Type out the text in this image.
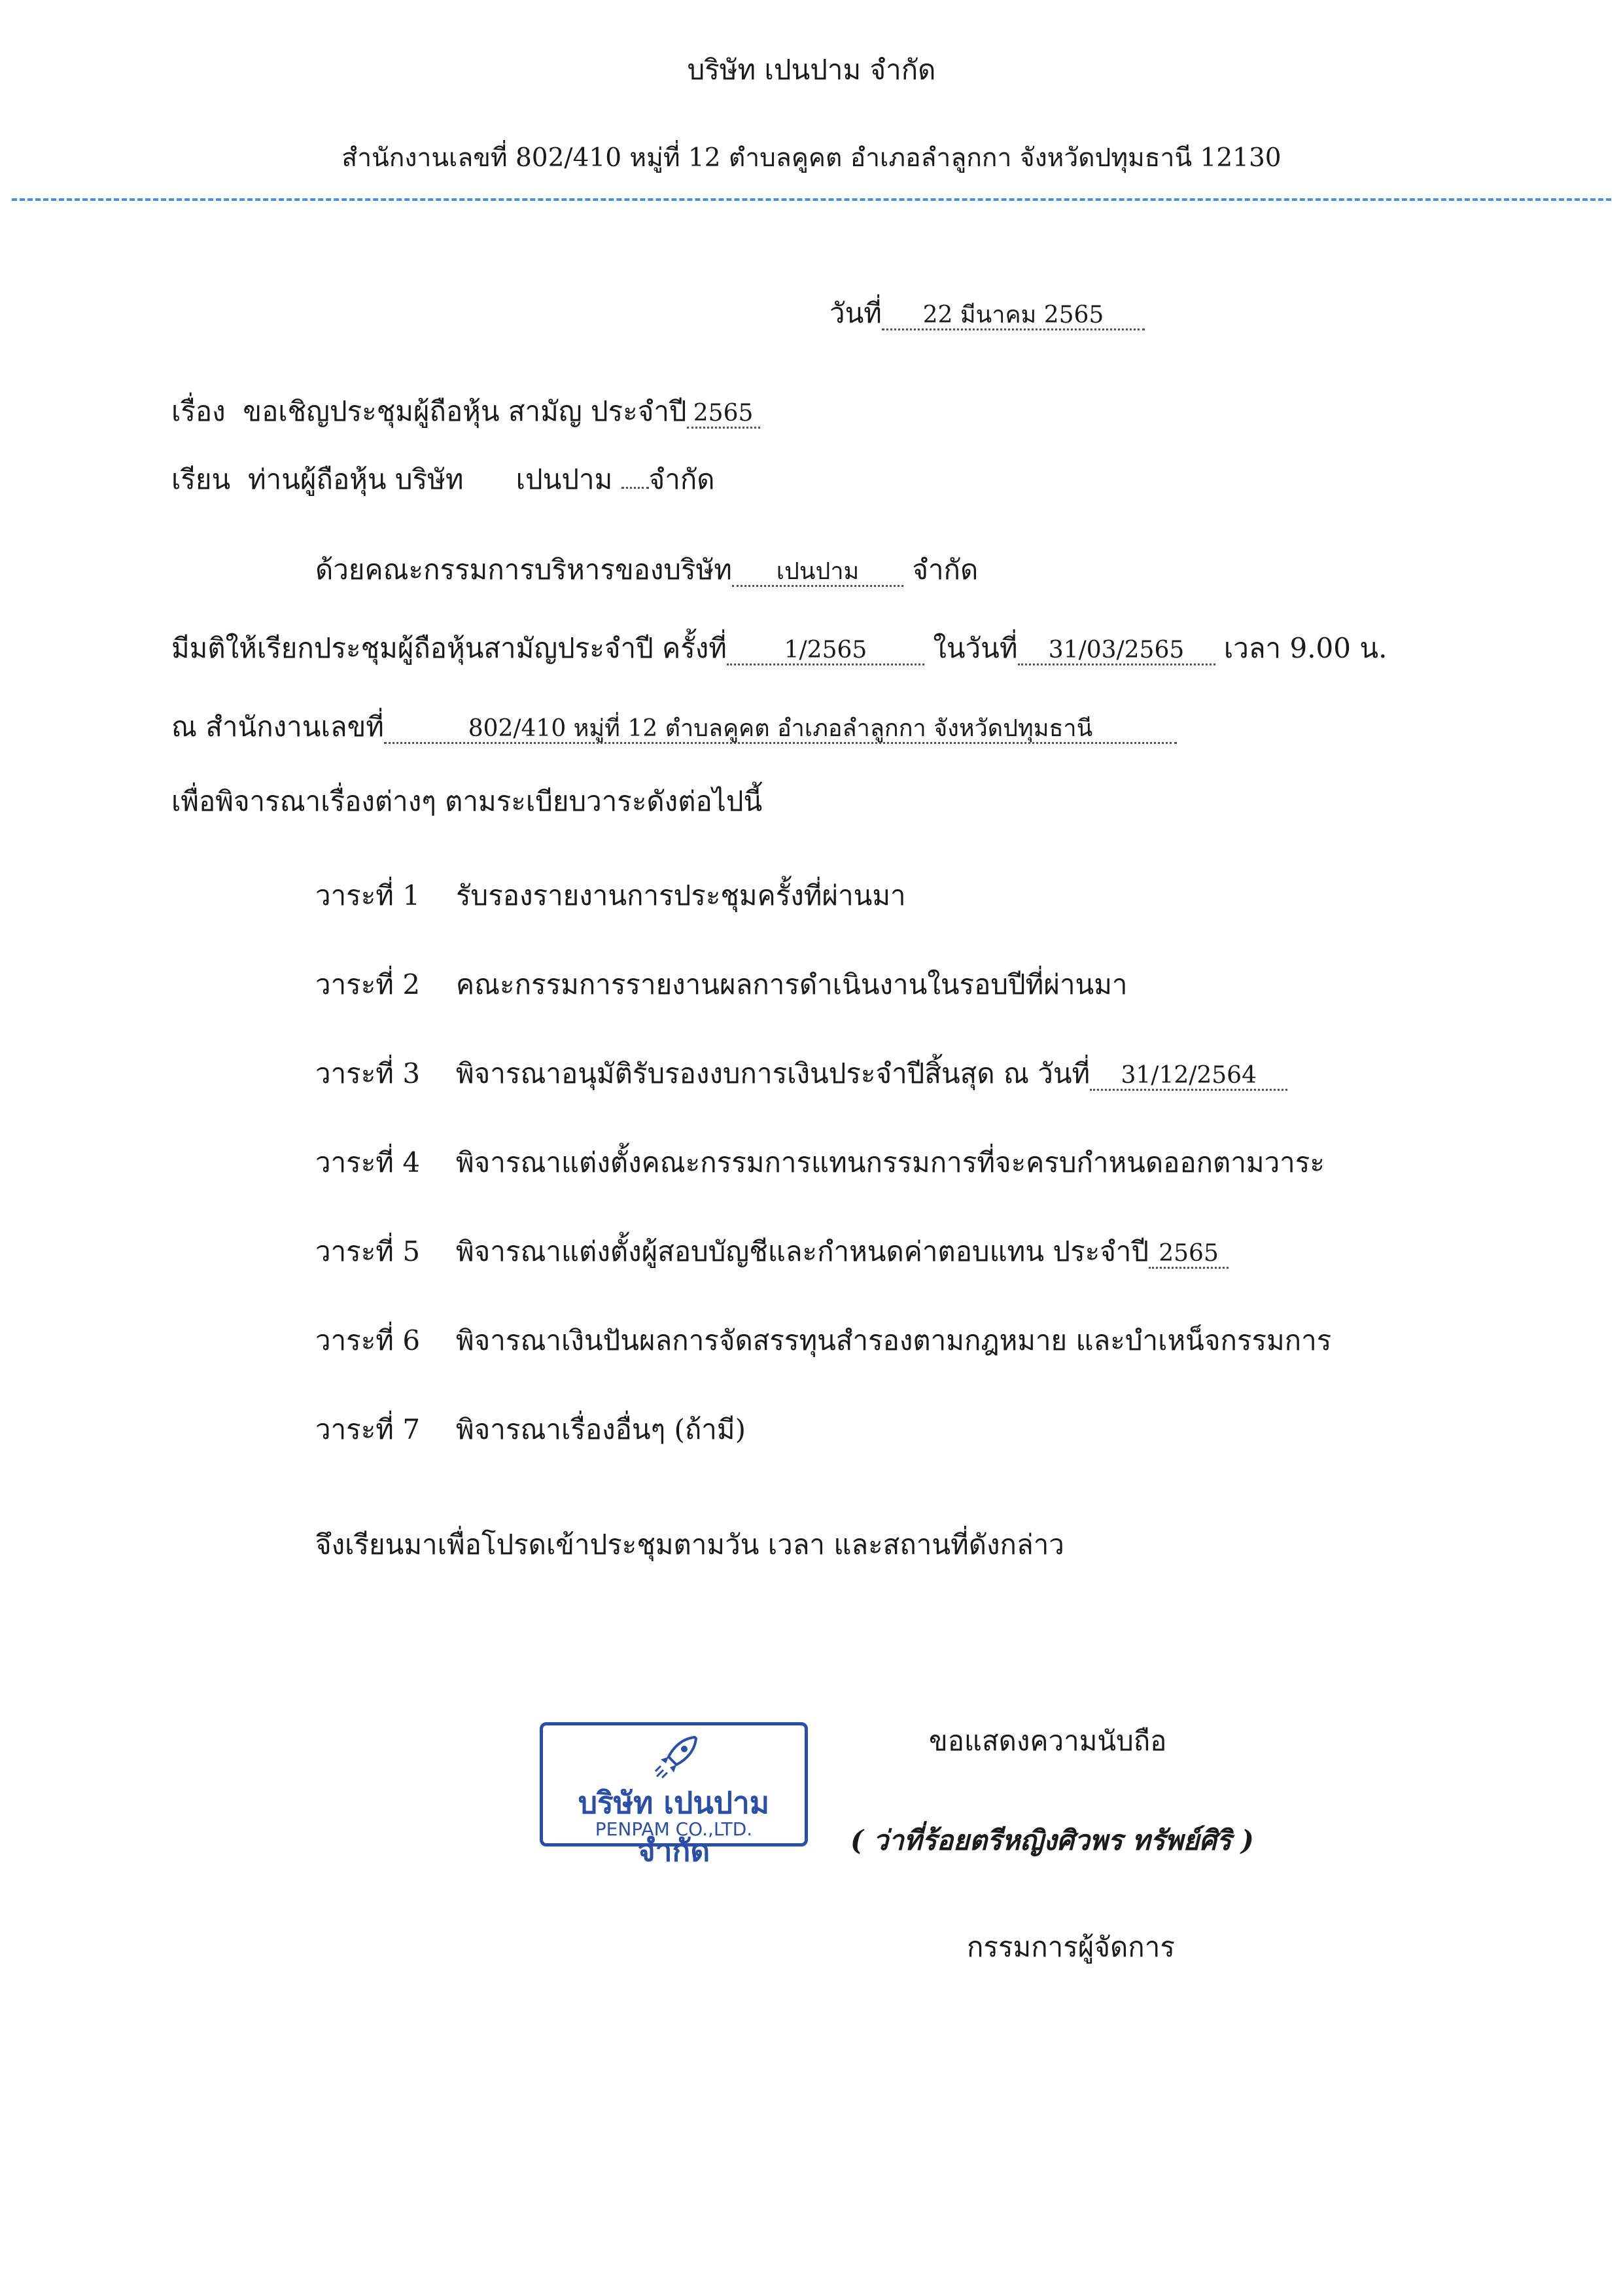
บริษัท เปนปาม จำกัด
สำนักงานเลขที่ 802/410 หมู่ที่ 12 ตำบลคูคต อำเภอลำลูกกา จังหวัดปทุมธานี 12130
วันที่ 22 มีนาคม 2565
เรื่อง ขอเชิญประชุมผู้ถือหุ้น สามัญ ประจำปี 2565
เรียน ท่านผู้ถือหุ้น บริษัท เปนปาม จำกัด
ด้วยคณะกรรมการบริหารของบริษัท เปนปาม จำกัด
มีมติให้เรียกประชุมผู้ถือหุ้นสามัญประจำปี ครั้งที่ 1/2565 ในวันที่ 31/03/2565 เวลา 9.00 น.
ณ สำนักงานเลขที่	802/410 หมู่ที่ 12 ตำบลคูคต อำเภอลำลูกกา จังหวัดปทุมธานี
เพื่อพิจารณาเรื่องต่างๆ ตามระเบียบวาระดังต่อไปนี้
วาระที่ 1 รับรองรายงานการประชุมครั้งที่ผ่านมา
วาระที่ 2 คณะกรรมการรายงานผลการดำเนินงานในรอบปีที่ผ่านมา
วาระที่ 3 พิจารณาอนุมัติรับรองงบการเงินประจำปีสิ้นสุด ณ วันที่ 31/12/2564
วาระที่ 4 พิจารณาแต่งตั้งคณะกรรมการแทนกรรมการที่จะครบกำหนดออกตามวาระ
วาระที่ 5 พิจารณาแต่งตั้งผู้สอบบัญชีและกำหนดค่าตอบแทน ประจำปี 2565
วาระที่ 6 พิจารณาเงินปันผลการจัดสรรทุนสำรองตามกฎหมาย และบำเหน็จกรรมการ
วาระที่ 7 พิจารณาเรื่องอื่นๆ (ถ้ามี)
จึงเรียนมาเพื่อโปรดเข้าประชุมตามวัน เวลา และสถานที่ดังกล่าว
ขอแสดงความนับถือ
( ว่าที่ร้อยตรีหญิงศิวพร ทรัพย์ศิริ )
กรรมการผู้จัดการ
บริษัท เปนปาม จำกัด
PENPAM CO.,LTD.
